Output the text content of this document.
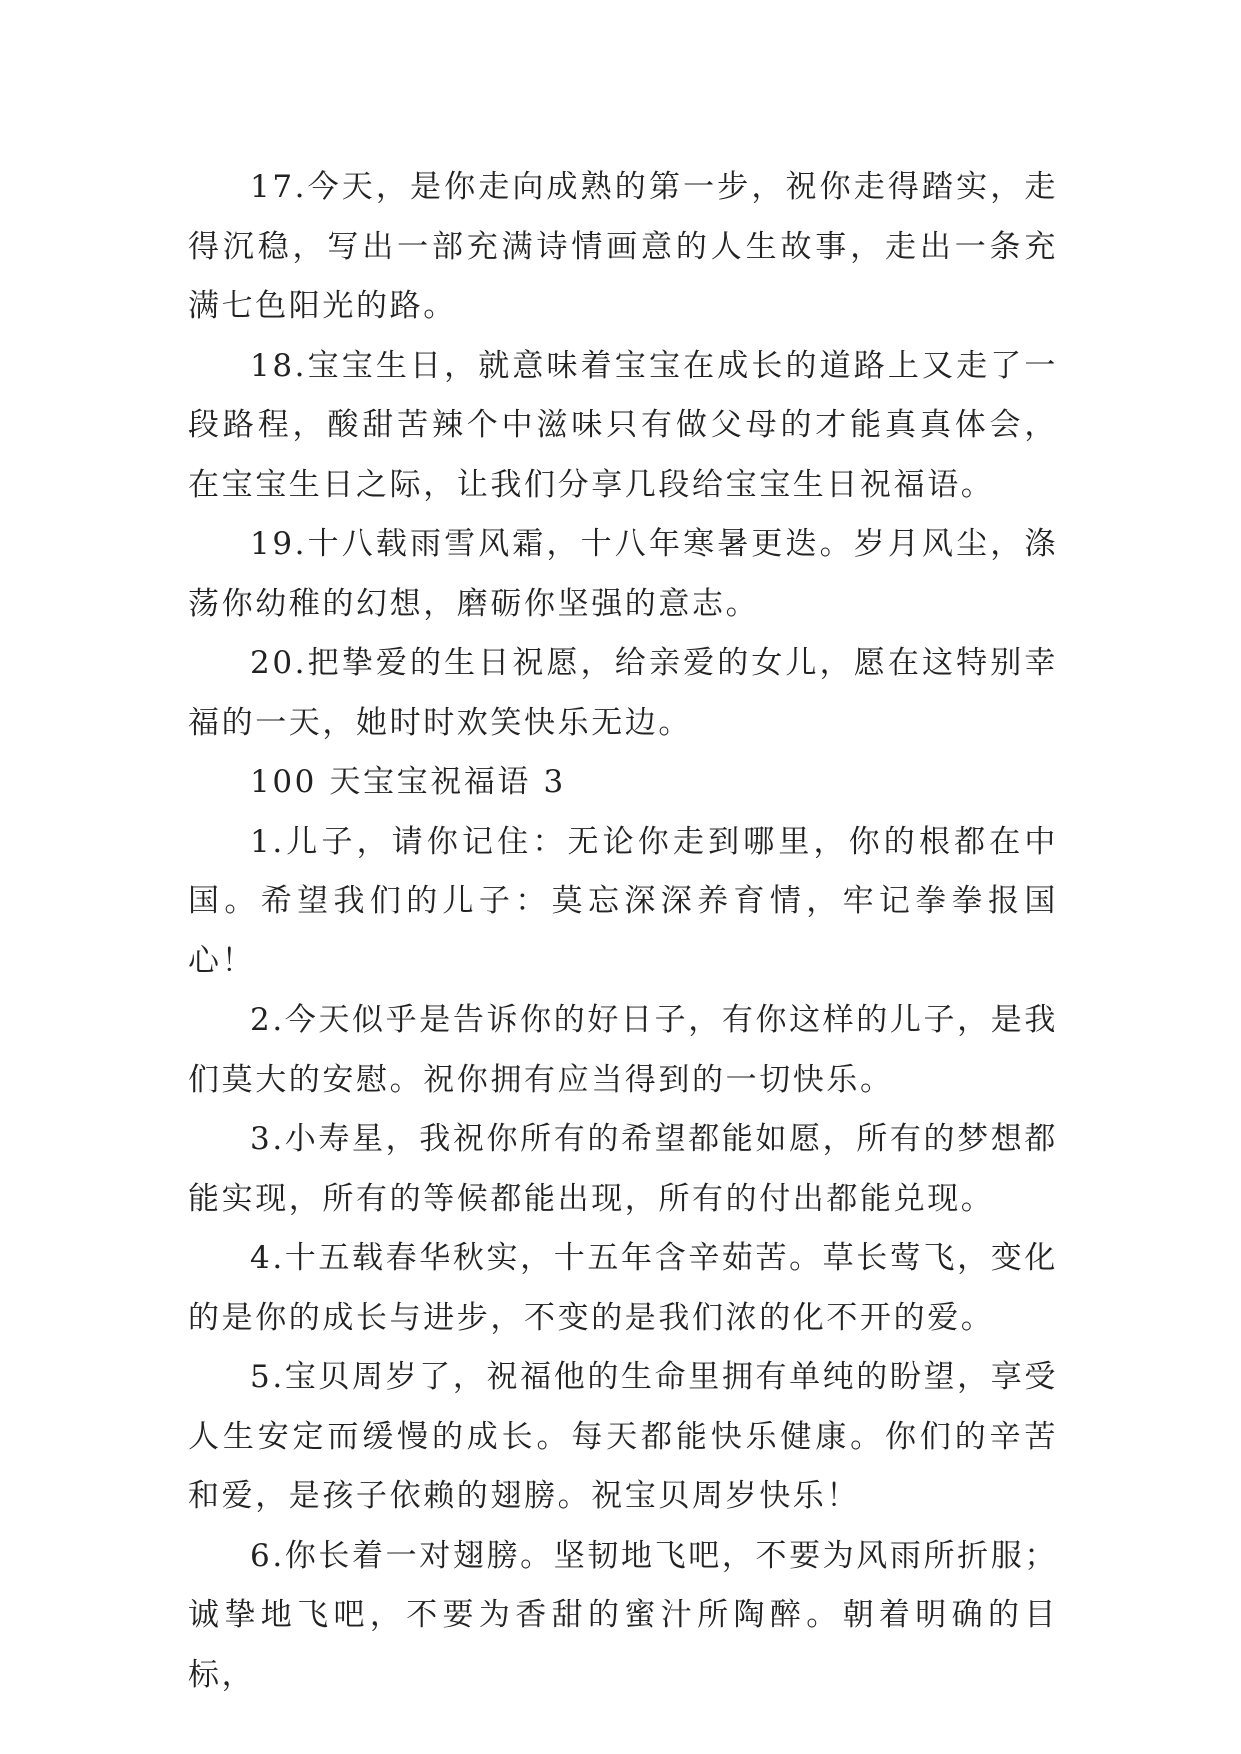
17.今天，是你走向成熟的第一步，祝你走得踏实，走得沉稳，写出一部充满诗情画意的人生故事，走出一条充满七色阳光的路。

18.宝宝生日，就意味着宝宝在成长的道路上又走了一段路程，酸甜苦辣个中滋味只有做父母的才能真真体会，在宝宝生日之际，让我们分享几段给宝宝生日祝福语。

19.十八载雨雪风霜，十八年寒暑更迭。岁月风尘，涤荡你幼稚的幻想，磨砺你坚强的意志。

20.把挚爱的生日祝愿，给亲爱的女儿，愿在这特别幸福的一天，她时时欢笑快乐无边。

100 天宝宝祝福语 3

1.儿子，请你记住：无论你走到哪里，你的根都在中国。希望我们的儿子：莫忘深深养育情，牢记拳拳报国心！

2.今天似乎是告诉你的好日子，有你这样的儿子，是我们莫大的安慰。祝你拥有应当得到的一切快乐。

3.小寿星，我祝你所有的希望都能如愿，所有的梦想都能实现，所有的等候都能出现，所有的付出都能兑现。

4.十五载春华秋实，十五年含辛茹苦。草长莺飞，变化的是你的成长与进步，不变的是我们浓的化不开的爱。

5.宝贝周岁了，祝福他的生命里拥有单纯的盼望，享受人生安定而缓慢的成长。每天都能快乐健康。你们的辛苦和爱，是孩子依赖的翅膀。祝宝贝周岁快乐！

6.你长着一对翅膀。坚韧地飞吧，不要为风雨所折服；诚挚地飞吧，不要为香甜的蜜汁所陶醉。朝着明确的目标，
